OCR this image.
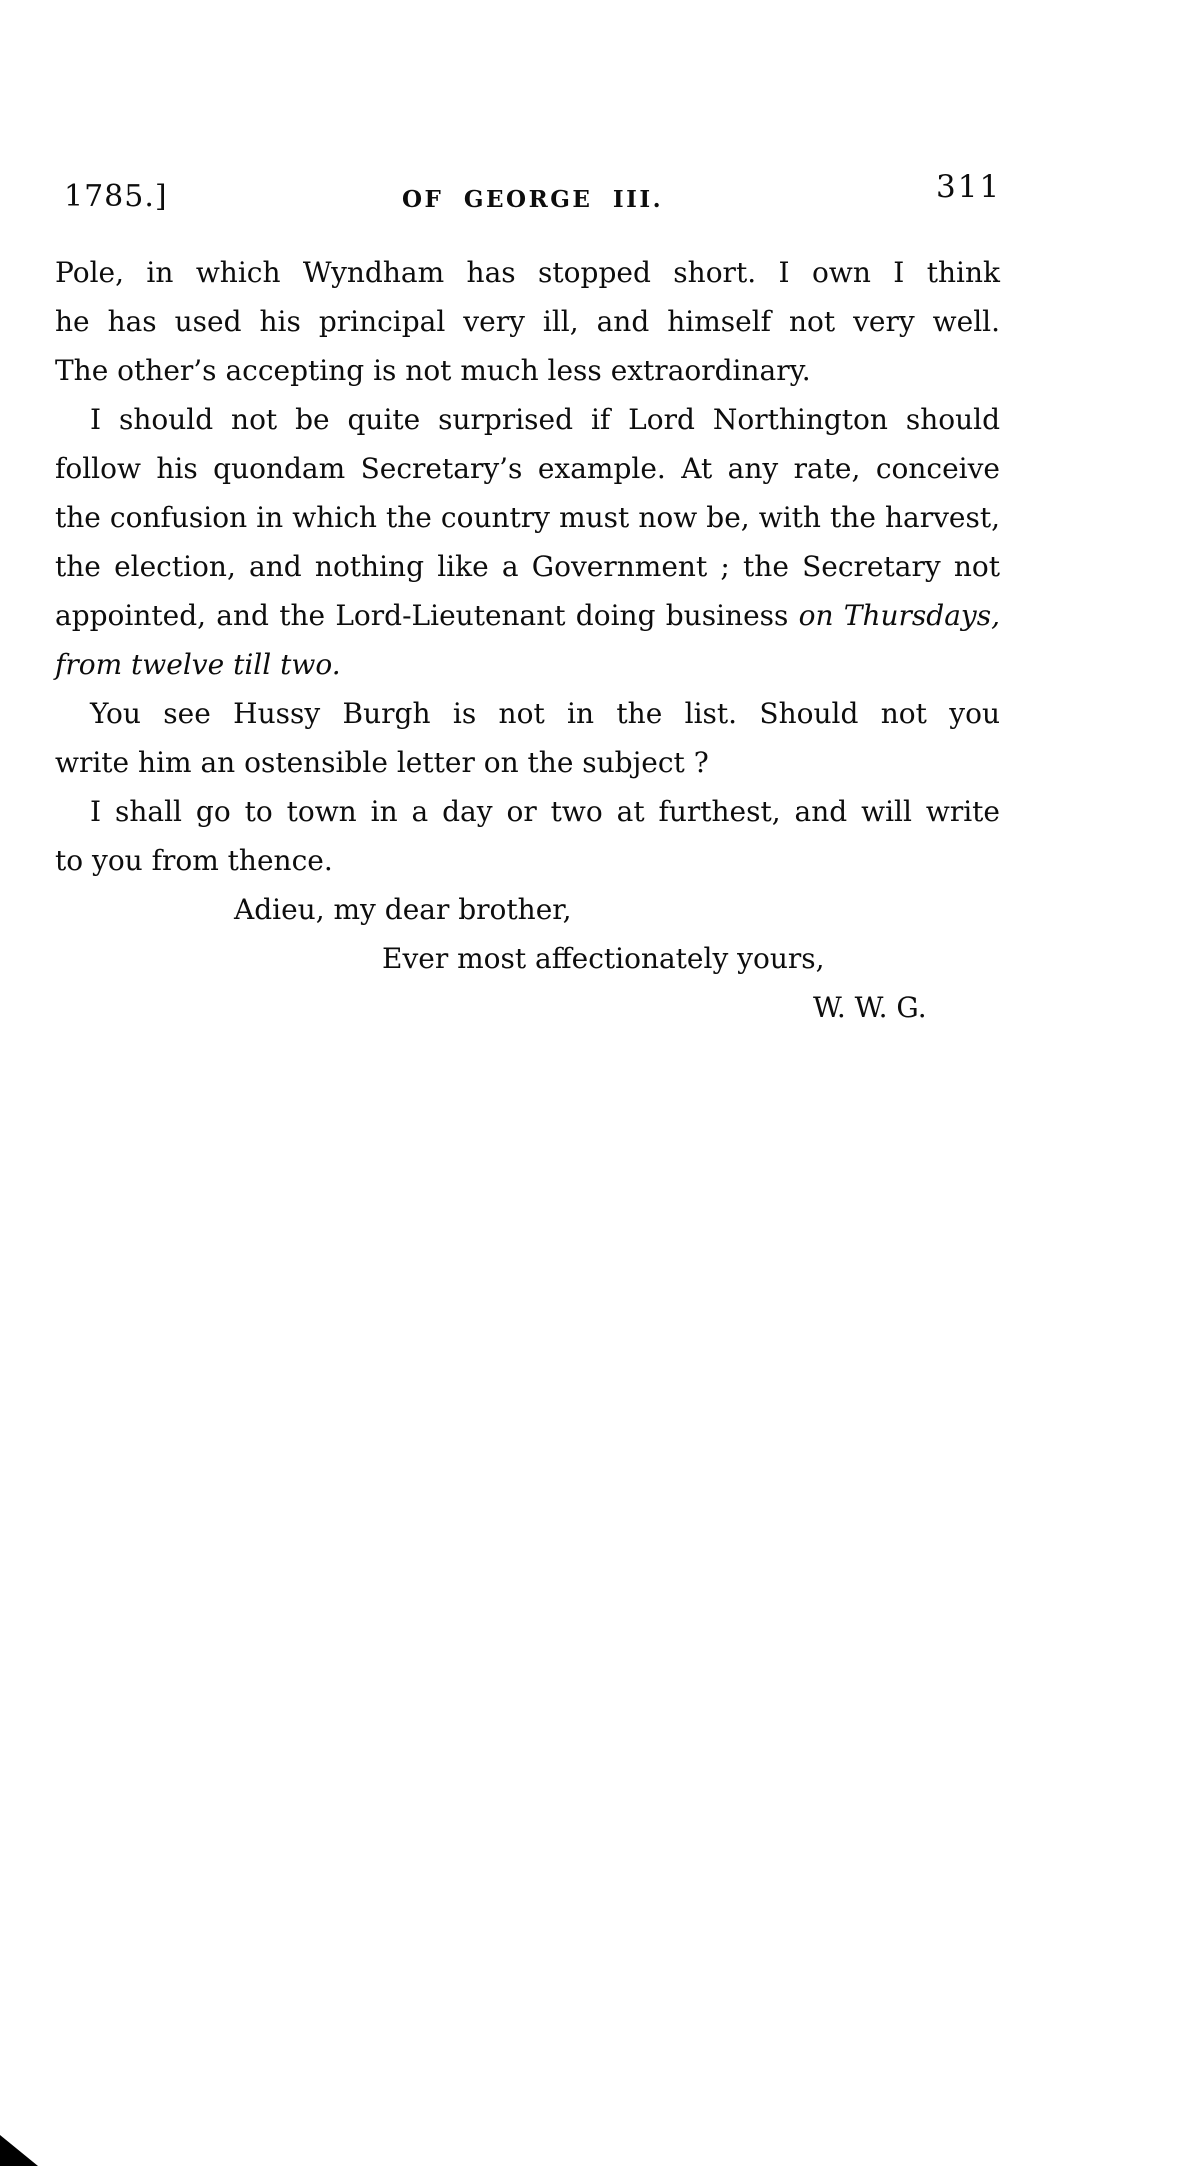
1785.]	OF GEORGE III.	311
Pole, in which Wyndham has stopped short. I own I think
he has used his principal very ill, and himself not very well.
The other’s accepting is not much less extraordinary.
I should not be quite surprised if Lord Northington should
follow his quondam Secretary’s example. At any rate, conceive
the confusion in which the country must now be, with the harvest,
the election, and nothing like a Government ; the Secretary not
appointed, and the Lord-Lieutenant doing business on Thursdays,
from twelve till two.
You see Hussy Burgh is not in the list. Should not you
write him an ostensible letter on the subject ?
I shall go to town in a day or two at furthest, and will write
to you from thence.
Adieu, my dear brother,
Ever most affectionately yours,
W. W. G.
